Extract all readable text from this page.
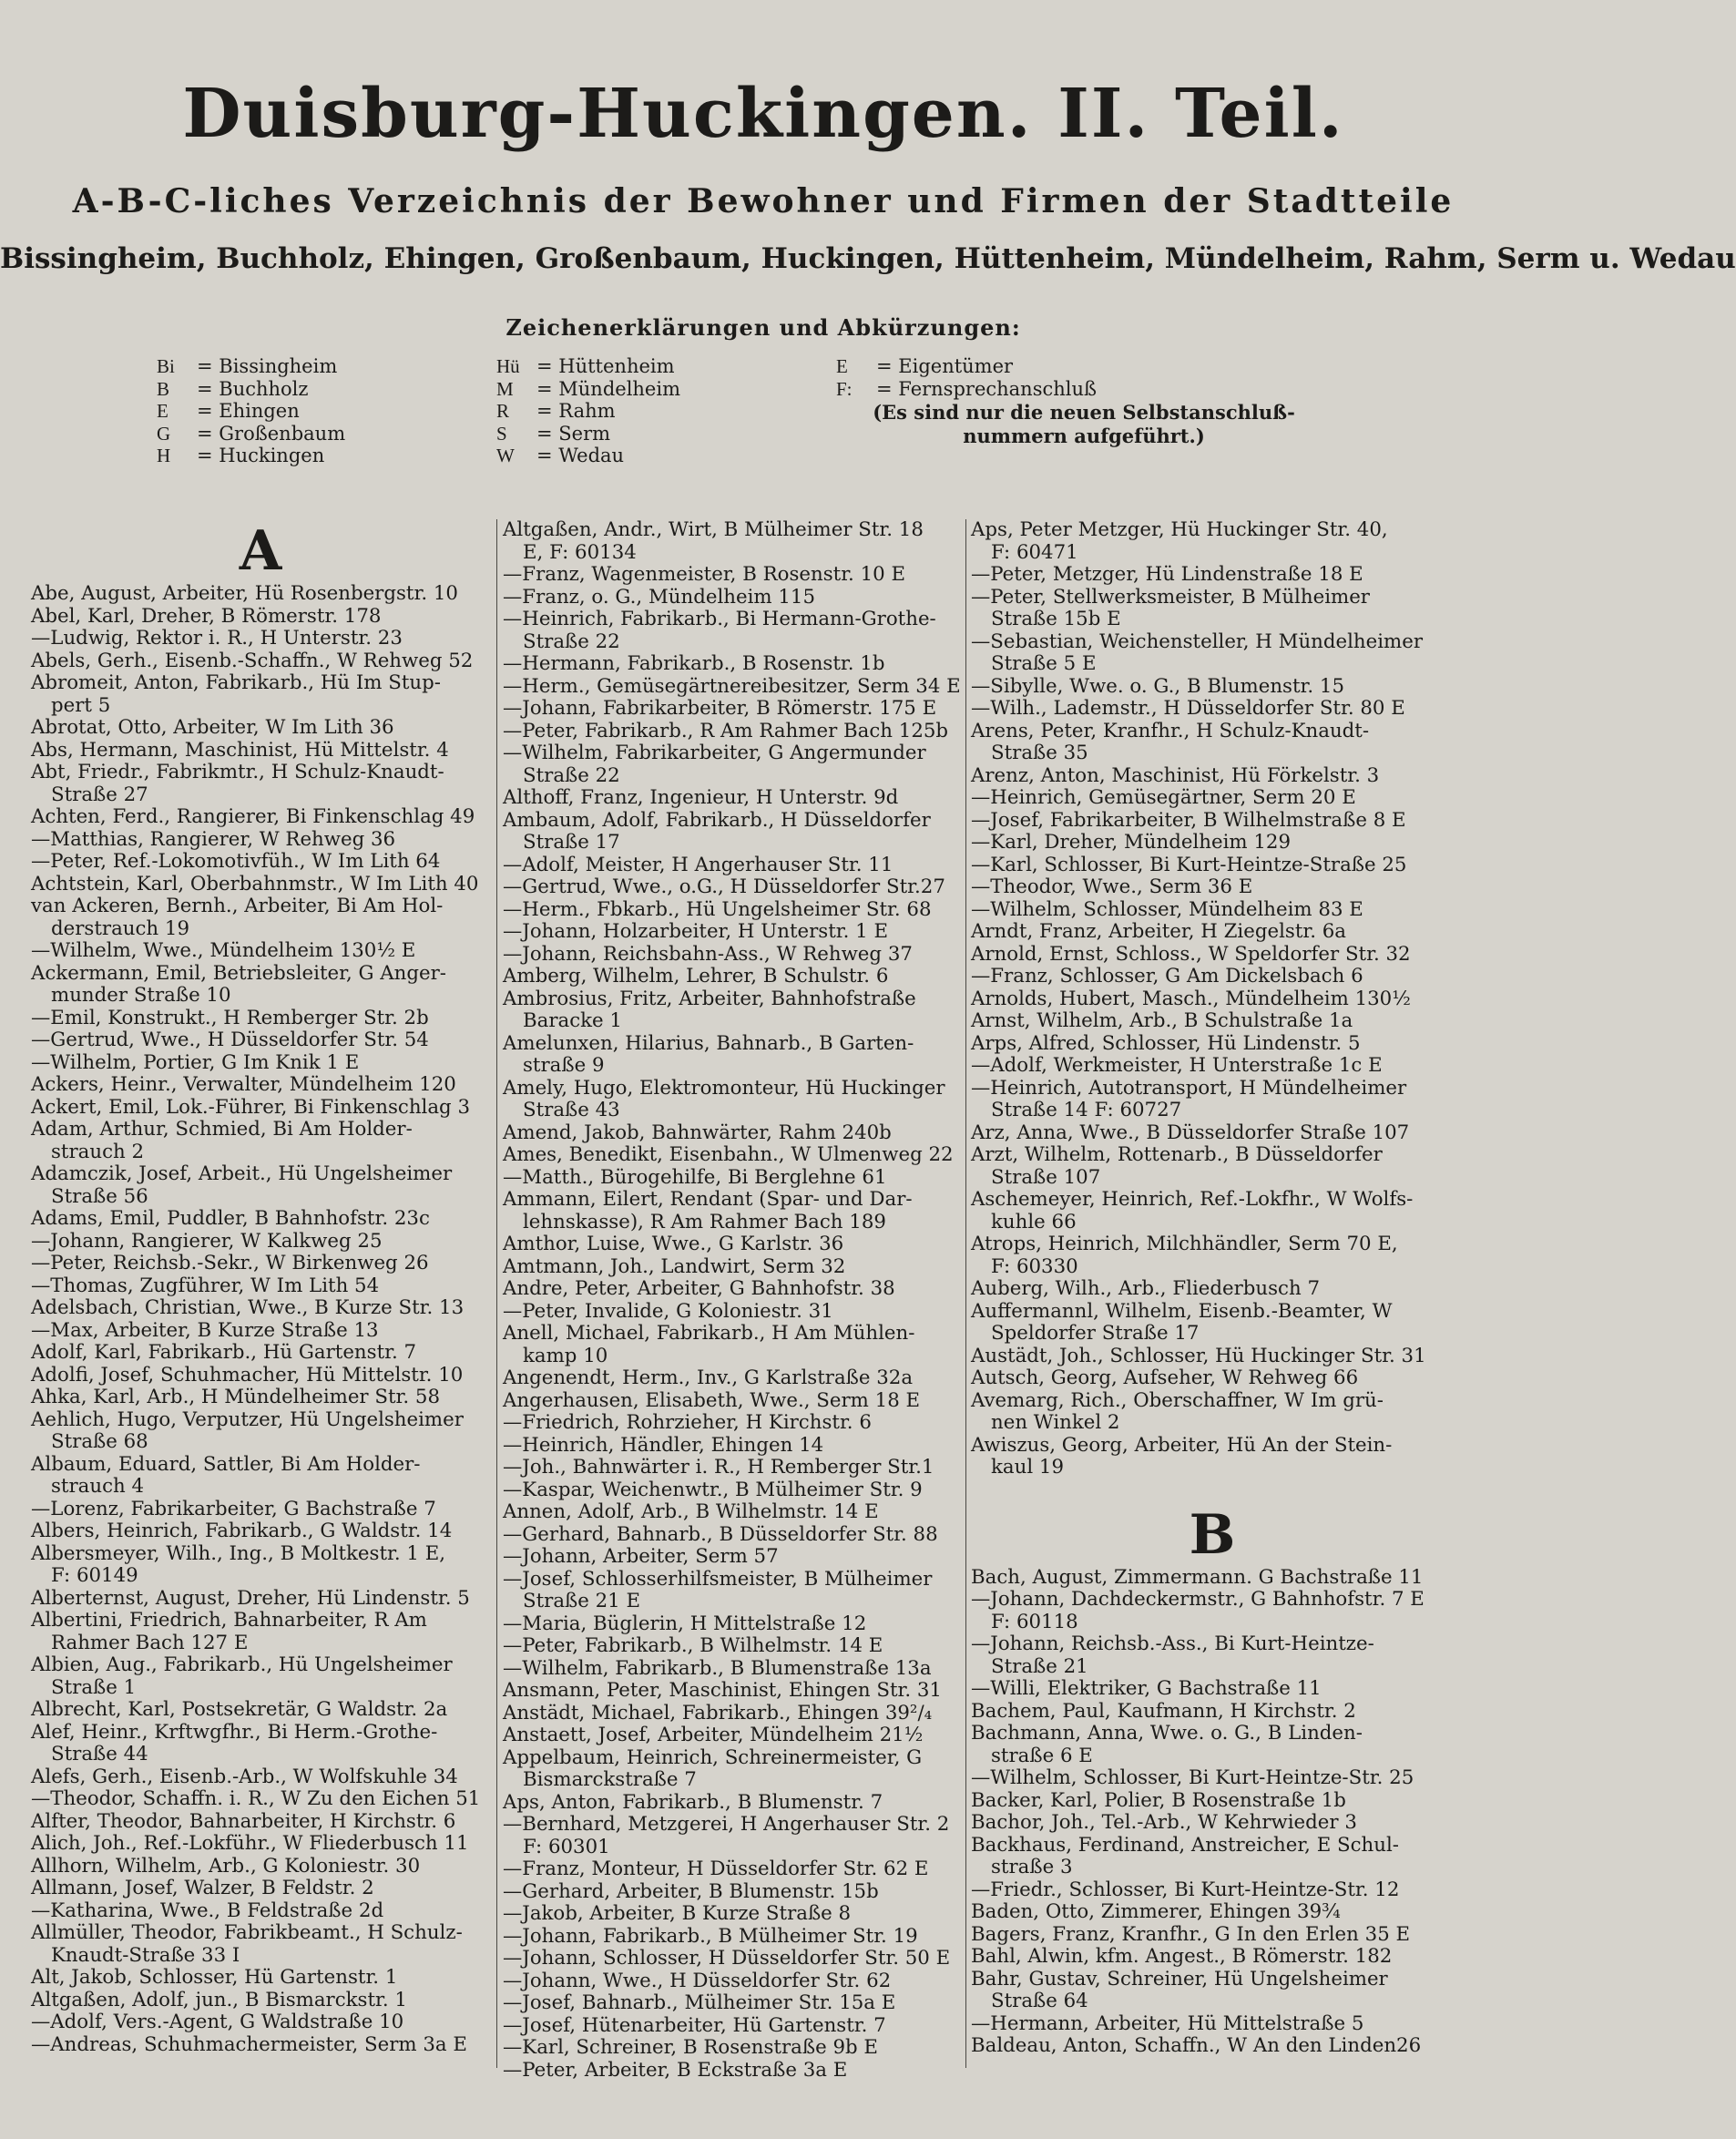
Duisburg-Huckingen. II. Teil.
A-B-C-liches Verzeichnis der Bewohner und Firmen der Stadtteile
Bissingheim, Buchholz, Ehingen, Großenbaum, Huckingen, Hüttenheim, Mündelheim, Rahm, Serm u. Wedau
Zeichenerklärungen und Abkürzungen:
Bi = Bissingheim
B = Buchholz
E = Ehingen
G = Großenbaum
H = Huckingen
Hü = Hüttenheim
M = Mündelheim
R = Rahm
S = Serm
W = Wedau
E = Eigentümer
F: = Fernsprechanschluß
(Es sind nur die neuen Selbstanschluß-
nummern aufgeführt.)
A
Abe, August, Arbeiter, Hü Rosenbergstr. 10
Abel, Karl, Dreher, B Römerstr. 178
—Ludwig, Rektor i. R., H Unterstr. 23
Abels, Gerh., Eisenb.-Schaffn., W Rehweg 52
Abromeit, Anton, Fabrikarb., Hü Im Stup-
pert 5
Abrotat, Otto, Arbeiter, W Im Lith 36
Abs, Hermann, Maschinist, Hü Mittelstr. 4
Abt, Friedr., Fabrikmtr., H Schulz-Knaudt-
Straße 27
Achten, Ferd., Rangierer, Bi Finkenschlag 49
—Matthias, Rangierer, W Rehweg 36
—Peter, Ref.-Lokomotivfüh., W Im Lith 64
Achtstein, Karl, Oberbahnmstr., W Im Lith 40
van Ackeren, Bernh., Arbeiter, Bi Am Hol-
derstrauch 19
—Wilhelm, Wwe., Mündelheim 130½ E
Ackermann, Emil, Betriebsleiter, G Anger-
munder Straße 10
—Emil, Konstrukt., H Remberger Str. 2b
—Gertrud, Wwe., H Düsseldorfer Str. 54
—Wilhelm, Portier, G Im Knik 1 E
Ackers, Heinr., Verwalter, Mündelheim 120
Ackert, Emil, Lok.-Führer, Bi Finkenschlag 3
Adam, Arthur, Schmied, Bi Am Holder-
strauch 2
Adamczik, Josef, Arbeit., Hü Ungelsheimer
Straße 56
Adams, Emil, Puddler, B Bahnhofstr. 23c
—Johann, Rangierer, W Kalkweg 25
—Peter, Reichsb.-Sekr., W Birkenweg 26
—Thomas, Zugführer, W Im Lith 54
Adelsbach, Christian, Wwe., B Kurze Str. 13
—Max, Arbeiter, B Kurze Straße 13
Adolf, Karl, Fabrikarb., Hü Gartenstr. 7
Adolfi, Josef, Schuhmacher, Hü Mittelstr. 10
Ahka, Karl, Arb., H Mündelheimer Str. 58
Aehlich, Hugo, Verputzer, Hü Ungelsheimer
Straße 68
Albaum, Eduard, Sattler, Bi Am Holder-
strauch 4
—Lorenz, Fabrikarbeiter, G Bachstraße 7
Albers, Heinrich, Fabrikarb., G Waldstr. 14
Albersmeyer, Wilh., Ing., B Moltkestr. 1 E,
F: 60149
Alberternst, August, Dreher, Hü Lindenstr. 5
Albertini, Friedrich, Bahnarbeiter, R Am
Rahmer Bach 127 E
Albien, Aug., Fabrikarb., Hü Ungelsheimer
Straße 1
Albrecht, Karl, Postsekretär, G Waldstr. 2a
Alef, Heinr., Krftwgfhr., Bi Herm.-Grothe-
Straße 44
Alefs, Gerh., Eisenb.-Arb., W Wolfskuhle 34
—Theodor, Schaffn. i. R., W Zu den Eichen 51
Alfter, Theodor, Bahnarbeiter, H Kirchstr. 6
Alich, Joh., Ref.-Lokführ., W Fliederbusch 11
Allhorn, Wilhelm, Arb., G Koloniestr. 30
Allmann, Josef, Walzer, B Feldstr. 2
—Katharina, Wwe., B Feldstraße 2d
Allmüller, Theodor, Fabrikbeamt., H Schulz-
Knaudt-Straße 33 I
Alt, Jakob, Schlosser, Hü Gartenstr. 1
Altgaßen, Adolf, jun., B Bismarckstr. 1
—Adolf, Vers.-Agent, G Waldstraße 10
—Andreas, Schuhmachermeister, Serm 3a E
Altgaßen, Andr., Wirt, B Mülheimer Str. 18
E, F: 60134
—Franz, Wagenmeister, B Rosenstr. 10 E
—Franz, o. G., Mündelheim 115
—Heinrich, Fabrikarb., Bi Hermann-Grothe-
Straße 22
—Hermann, Fabrikarb., B Rosenstr. 1b
—Herm., Gemüsegärtnereibesitzer, Serm 34 E
—Johann, Fabrikarbeiter, B Römerstr. 175 E
—Peter, Fabrikarb., R Am Rahmer Bach 125b
—Wilhelm, Fabrikarbeiter, G Angermunder
Straße 22
Althoff, Franz, Ingenieur, H Unterstr. 9d
Ambaum, Adolf, Fabrikarb., H Düsseldorfer
Straße 17
—Adolf, Meister, H Angerhauser Str. 11
—Gertrud, Wwe., o.G., H Düsseldorfer Str.27
—Herm., Fbkarb., Hü Ungelsheimer Str. 68
—Johann, Holzarbeiter, H Unterstr. 1 E
—Johann, Reichsbahn-Ass., W Rehweg 37
Amberg, Wilhelm, Lehrer, B Schulstr. 6
Ambrosius, Fritz, Arbeiter, Bahnhofstraße
Baracke 1
Amelunxen, Hilarius, Bahnarb., B Garten-
straße 9
Amely, Hugo, Elektromonteur, Hü Huckinger
Straße 43
Amend, Jakob, Bahnwärter, Rahm 240b
Ames, Benedikt, Eisenbahn., W Ulmenweg 22
—Matth., Bürogehilfe, Bi Berglehne 61
Ammann, Eilert, Rendant (Spar- und Dar-
lehnskasse), R Am Rahmer Bach 189
Amthor, Luise, Wwe., G Karlstr. 36
Amtmann, Joh., Landwirt, Serm 32
Andre, Peter, Arbeiter, G Bahnhofstr. 38
—Peter, Invalide, G Koloniestr. 31
Anell, Michael, Fabrikarb., H Am Mühlen-
kamp 10
Angenendt, Herm., Inv., G Karlstraße 32a
Angerhausen, Elisabeth, Wwe., Serm 18 E
—Friedrich, Rohrzieher, H Kirchstr. 6
—Heinrich, Händler, Ehingen 14
—Joh., Bahnwärter i. R., H Remberger Str.1
—Kaspar, Weichenwtr., B Mülheimer Str. 9
Annen, Adolf, Arb., B Wilhelmstr. 14 E
—Gerhard, Bahnarb., B Düsseldorfer Str. 88
—Johann, Arbeiter, Serm 57
—Josef, Schlosserhilfsmeister, B Mülheimer
Straße 21 E
—Maria, Büglerin, H Mittelstraße 12
—Peter, Fabrikarb., B Wilhelmstr. 14 E
—Wilhelm, Fabrikarb., B Blumenstraße 13a
Ansmann, Peter, Maschinist, Ehingen Str. 31
Anstädt, Michael, Fabrikarb., Ehingen 39²/₄
Anstaett, Josef, Arbeiter, Mündelheim 21½
Appelbaum, Heinrich, Schreinermeister, G
Bismarckstraße 7
Aps, Anton, Fabrikarb., B Blumenstr. 7
—Bernhard, Metzgerei, H Angerhauser Str. 2
F: 60301
—Franz, Monteur, H Düsseldorfer Str. 62 E
—Gerhard, Arbeiter, B Blumenstr. 15b
—Jakob, Arbeiter, B Kurze Straße 8
—Johann, Fabrikarb., B Mülheimer Str. 19
—Johann, Schlosser, H Düsseldorfer Str. 50 E
—Johann, Wwe., H Düsseldorfer Str. 62
—Josef, Bahnarb., Mülheimer Str. 15a E
—Josef, Hütenarbeiter, Hü Gartenstr. 7
—Karl, Schreiner, B Rosenstraße 9b E
—Peter, Arbeiter, B Eckstraße 3a E
Aps, Peter Metzger, Hü Huckinger Str. 40,
F: 60471
—Peter, Metzger, Hü Lindenstraße 18 E
—Peter, Stellwerksmeister, B Mülheimer
Straße 15b E
—Sebastian, Weichensteller, H Mündelheimer
Straße 5 E
—Sibylle, Wwe. o. G., B Blumenstr. 15
—Wilh., Lademstr., H Düsseldorfer Str. 80 E
Arens, Peter, Kranfhr., H Schulz-Knaudt-
Straße 35
Arenz, Anton, Maschinist, Hü Förkelstr. 3
—Heinrich, Gemüsegärtner, Serm 20 E
—Josef, Fabrikarbeiter, B Wilhelmstraße 8 E
—Karl, Dreher, Mündelheim 129
—Karl, Schlosser, Bi Kurt-Heintze-Straße 25
—Theodor, Wwe., Serm 36 E
—Wilhelm, Schlosser, Mündelheim 83 E
Arndt, Franz, Arbeiter, H Ziegelstr. 6a
Arnold, Ernst, Schloss., W Speldorfer Str. 32
—Franz, Schlosser, G Am Dickelsbach 6
Arnolds, Hubert, Masch., Mündelheim 130½
Arnst, Wilhelm, Arb., B Schulstraße 1a
Arps, Alfred, Schlosser, Hü Lindenstr. 5
—Adolf, Werkmeister, H Unterstraße 1c E
—Heinrich, Autotransport, H Mündelheimer
Straße 14 F: 60727
Arz, Anna, Wwe., B Düsseldorfer Straße 107
Arzt, Wilhelm, Rottenarb., B Düsseldorfer
Straße 107
Aschemeyer, Heinrich, Ref.-Lokfhr., W Wolfs-
kuhle 66
Atrops, Heinrich, Milchhändler, Serm 70 E,
F: 60330
Auberg, Wilh., Arb., Fliederbusch 7
Auffermannl, Wilhelm, Eisenb.-Beamter, W
Speldorfer Straße 17
Austädt, Joh., Schlosser, Hü Huckinger Str. 31
Autsch, Georg, Aufseher, W Rehweg 66
Avemarg, Rich., Oberschaffner, W Im grü-
nen Winkel 2
Awiszus, Georg, Arbeiter, Hü An der Stein-
kaul 19
B
Bach, August, Zimmermann. G Bachstraße 11
—Johann, Dachdeckermstr., G Bahnhofstr. 7 E
F: 60118
—Johann, Reichsb.-Ass., Bi Kurt-Heintze-
Straße 21
—Willi, Elektriker, G Bachstraße 11
Bachem, Paul, Kaufmann, H Kirchstr. 2
Bachmann, Anna, Wwe. o. G., B Linden-
straße 6 E
—Wilhelm, Schlosser, Bi Kurt-Heintze-Str. 25
Backer, Karl, Polier, B Rosenstraße 1b
Bachor, Joh., Tel.-Arb., W Kehrwieder 3
Backhaus, Ferdinand, Anstreicher, E Schul-
straße 3
—Friedr., Schlosser, Bi Kurt-Heintze-Str. 12
Baden, Otto, Zimmerer, Ehingen 39¾
Bagers, Franz, Kranfhr., G In den Erlen 35 E
Bahl, Alwin, kfm. Angest., B Römerstr. 182
Bahr, Gustav, Schreiner, Hü Ungelsheimer
Straße 64
—Hermann, Arbeiter, Hü Mittelstraße 5
Baldeau, Anton, Schaffn., W An den Linden26
